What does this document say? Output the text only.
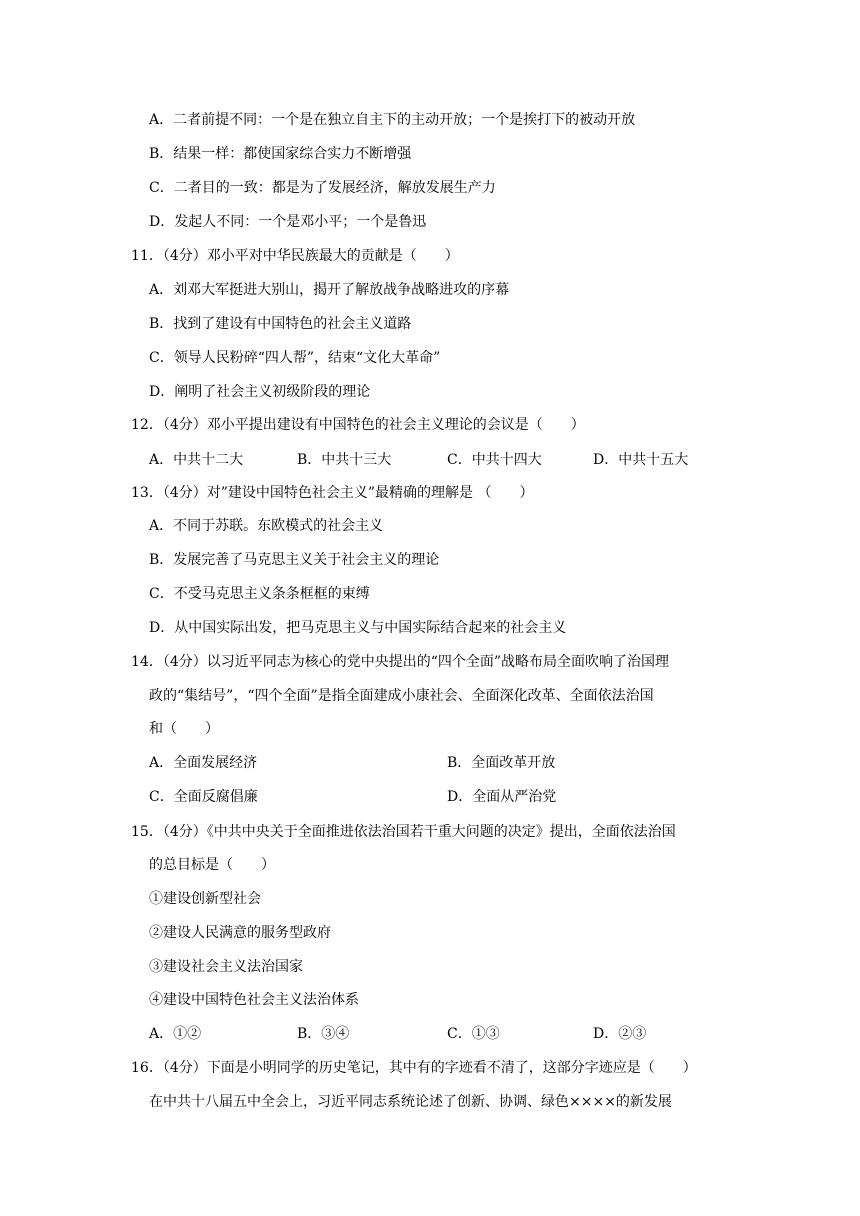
A．二者前提不同：一个是在独立自主下的主动开放；一个是挨打下的被动开放
B．结果一样：都使国家综合实力不断增强
C．二者目的一致：都是为了发展经济，解放发展生产力
D．发起人不同：一个是邓小平；一个是鲁迅
11．（4分）邓小平对中华民族最大的贡献是（　　）
A．刘邓大军挺进大别山，揭开了解放战争战略进攻的序幕
B．找到了建设有中国特色的社会主义道路
C．领导人民粉碎“四人帮”，结束“文化大革命”
D．阐明了社会主义初级阶段的理论
12．（4分）邓小平提出建设有中国特色的社会主义理论的会议是（　　）
A．中共十二大	B．中共十三大	C．中共十四大	D．中共十五大
13．（4分）对”建设中国特色社会主义”最精确的理解是 （　　）
A．不同于苏联。东欧模式的社会主义
B．发展完善了马克思主义关于社会主义的理论
C．不受马克思主义条条框框的束缚
D．从中国实际出发，把马克思主义与中国实际结合起来的社会主义
14．（4分）以习近平同志为核心的党中央提出的“四个全面”战略布局全面吹响了治国理
政的“集结号”，“四个全面”是指全面建成小康社会、全面深化改革、全面依法治国
和（　　）
A．全面发展经济	B．全面改革开放
C．全面反腐倡廉	D．全面从严治党
15．（4分）《中共中央关于全面推进依法治国若干重大问题的决定》提出，全面依法治国
的总目标是（　　）
①建设创新型社会
②建设人民满意的服务型政府
③建设社会主义法治国家
④建设中国特色社会主义法治体系
A．①②	B．③④	C．①③	D．②③
16．（4分）下面是小明同学的历史笔记，其中有的字迹看不清了，这部分字迹应是（　　）
在中共十八届五中全会上，习近平同志系统论述了创新、协调、绿色××××的新发展
